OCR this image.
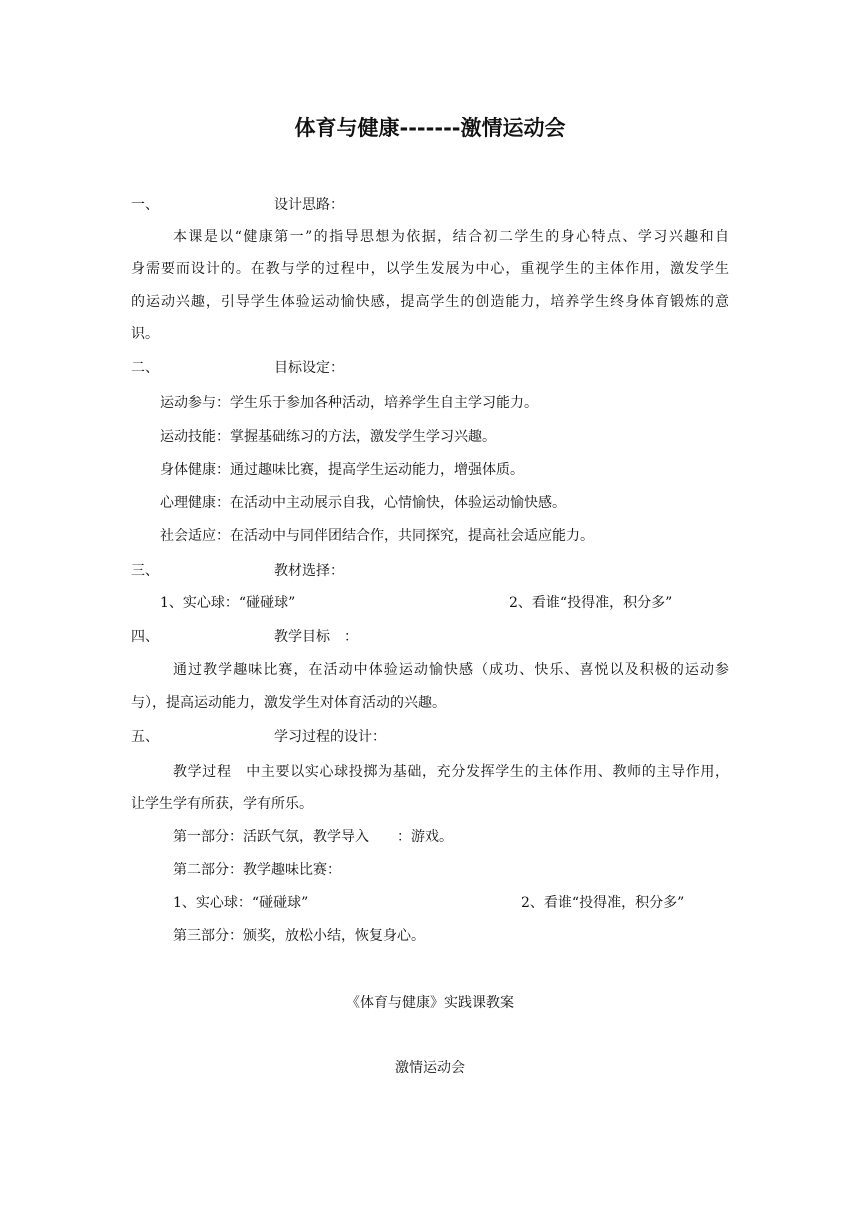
体育与健康-------激情运动会

一、	设计思路：

本课是以“健康第一”的指导思想为依据，结合初二学生的身心特点、学习兴趣和自

身需要而设计的。在教与学的过程中，以学生发展为中心，重视学生的主体作用，激发学生

的运动兴趣，引导学生体验运动愉快感，提高学生的创造能力，培养学生终身体育锻炼的意

识。

二、	目标设定：

运动参与：学生乐于参加各种活动，培养学生自主学习能力。

运动技能：掌握基础练习的方法，激发学生学习兴趣。

身体健康：通过趣味比赛，提高学生运动能力，增强体质。

心理健康：在活动中主动展示自我，心情愉快，体验运动愉快感。

社会适应：在活动中与同伴团结合作，共同探究，提高社会适应能力。

三、	教材选择：

1、实心球：“碰碰球”	2、看谁“投得准，积分多”

四、	教学目标　：

通过教学趣味比赛，在活动中体验运动愉快感（成功、快乐、喜悦以及积极的运动参

与），提高运动能力，激发学生对体育活动的兴趣。

五、	学习过程的设计：

教学过程　中主要以实心球投掷为基础，充分发挥学生的主体作用、教师的主导作用，

让学生学有所获，学有所乐。

第一部分：活跃气氛，教学导入　　：游戏。

第二部分：教学趣味比赛：

1、实心球：“碰碰球”	2、看谁“投得准，积分多”

第三部分：颁奖，放松小结，恢复身心。

《体育与健康》实践课教案

激情运动会
